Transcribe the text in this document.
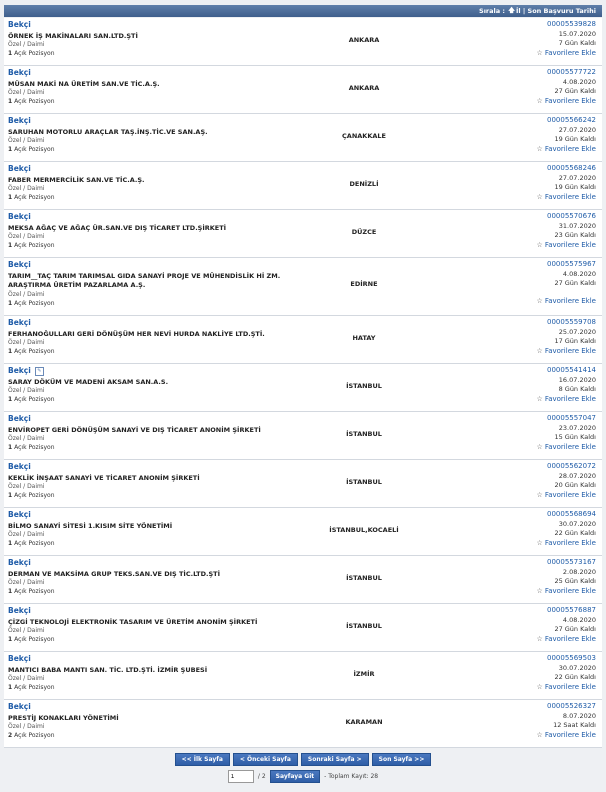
Sırala :
🡅 İl
|
Son Başvuru Tarihi
Bekçi
ÖRNEK İŞ MAKİNALARI SAN.LTD.ŞTİ
Özel / Daimi
1 Açık Pozisyon
ANKARA
00005539828
15.07.2020
7 Gün Kaldı
☆ Favorilere Ekle
Bekçi
MÜSAN MAKİ NA ÜRETİM SAN.VE TİC.A.Ş.
Özel / Daimi
1 Açık Pozisyon
ANKARA
00005577722
4.08.2020
27 Gün Kaldı
☆ Favorilere Ekle
Bekçi
SARUHAN MOTORLU ARAÇLAR TAŞ.İNŞ.TİC.VE SAN.AŞ.
Özel / Daimi
1 Açık Pozisyon
ÇANAKKALE
00005566242
27.07.2020
19 Gün Kaldı
☆ Favorilere Ekle
Bekçi
FABER MERMERCİLİK SAN.VE TİC.A.Ş.
Özel / Daimi
1 Açık Pozisyon
DENİZLİ
00005568246
27.07.2020
19 Gün Kaldı
☆ Favorilere Ekle
Bekçi
MEKSA AĞAÇ VE AĞAÇ ÜR.SAN.VE DIŞ TİCARET LTD.ŞİRKETİ
Özel / Daimi
1 Açık Pozisyon
DÜZCE
00005570676
31.07.2020
23 Gün Kaldı
☆ Favorilere Ekle
Bekçi
TARIM__TAÇ TARIM TARIMSAL GIDA SANAYİ PROJE VE MÜHENDİSLİK Hİ ZM. ARAŞTIRMA ÜRETİM PAZARLAMA A.Ş.
Özel / Daimi
1 Açık Pozisyon
EDİRNE
00005575967
4.08.2020
27 Gün Kaldı
☆ Favorilere Ekle
Bekçi
FERHANOĞULLARI GERİ DÖNÜŞÜM HER NEVİ HURDA NAKLİYE LTD.ŞTİ.
Özel / Daimi
1 Açık Pozisyon
HATAY
00005559708
25.07.2020
17 Gün Kaldı
☆ Favorilere Ekle
Bekçi ✎
SARAY DÖKÜM VE MADENİ AKSAM SAN.A.S.
Özel / Daimi
1 Açık Pozisyon
İSTANBUL
00005541414
16.07.2020
8 Gün Kaldı
☆ Favorilere Ekle
Bekçi
ENVİROPET GERİ DÖNÜŞÜM SANAYİ VE DIŞ TİCARET ANONİM ŞİRKETİ
Özel / Daimi
1 Açık Pozisyon
İSTANBUL
00005557047
23.07.2020
15 Gün Kaldı
☆ Favorilere Ekle
Bekçi
KEKLİK İNŞAAT SANAYİ VE TİCARET ANONİM ŞİRKETİ
Özel / Daimi
1 Açık Pozisyon
İSTANBUL
00005562072
28.07.2020
20 Gün Kaldı
☆ Favorilere Ekle
Bekçi
BİLMO SANAYİ SİTESİ 1.KISIM SİTE YÖNETİMİ
Özel / Daimi
1 Açık Pozisyon
İSTANBUL,KOCAELİ
00005568694
30.07.2020
22 Gün Kaldı
☆ Favorilere Ekle
Bekçi
DERMAN VE MAKSİMA GRUP TEKS.SAN.VE DIŞ TİC.LTD.ŞTİ
Özel / Daimi
1 Açık Pozisyon
İSTANBUL
00005573167
2.08.2020
25 Gün Kaldı
☆ Favorilere Ekle
Bekçi
ÇİZGİ TEKNOLOJİ ELEKTRONİK TASARIM VE ÜRETİM ANONİM ŞİRKETİ
Özel / Daimi
1 Açık Pozisyon
İSTANBUL
00005576887
4.08.2020
27 Gün Kaldı
☆ Favorilere Ekle
Bekçi
MANTICI BABA MANTI SAN. TİC. LTD.ŞTİ. İZMİR ŞUBESİ
Özel / Daimi
1 Açık Pozisyon
İZMİR
00005569503
30.07.2020
22 Gün Kaldı
☆ Favorilere Ekle
Bekçi
PRESTİJ KONAKLARI YÖNETİMİ
Özel / Daimi
2 Açık Pozisyon
KARAMAN
00005526327
8.07.2020
12 Saat Kaldı
☆ Favorilere Ekle
<< İlk Sayfa	< Önceki Sayfa	Sonraki Sayfa >	Son Sayfa >>
1
/ 2	Sayfaya Git	- Toplam Kayıt: 28
